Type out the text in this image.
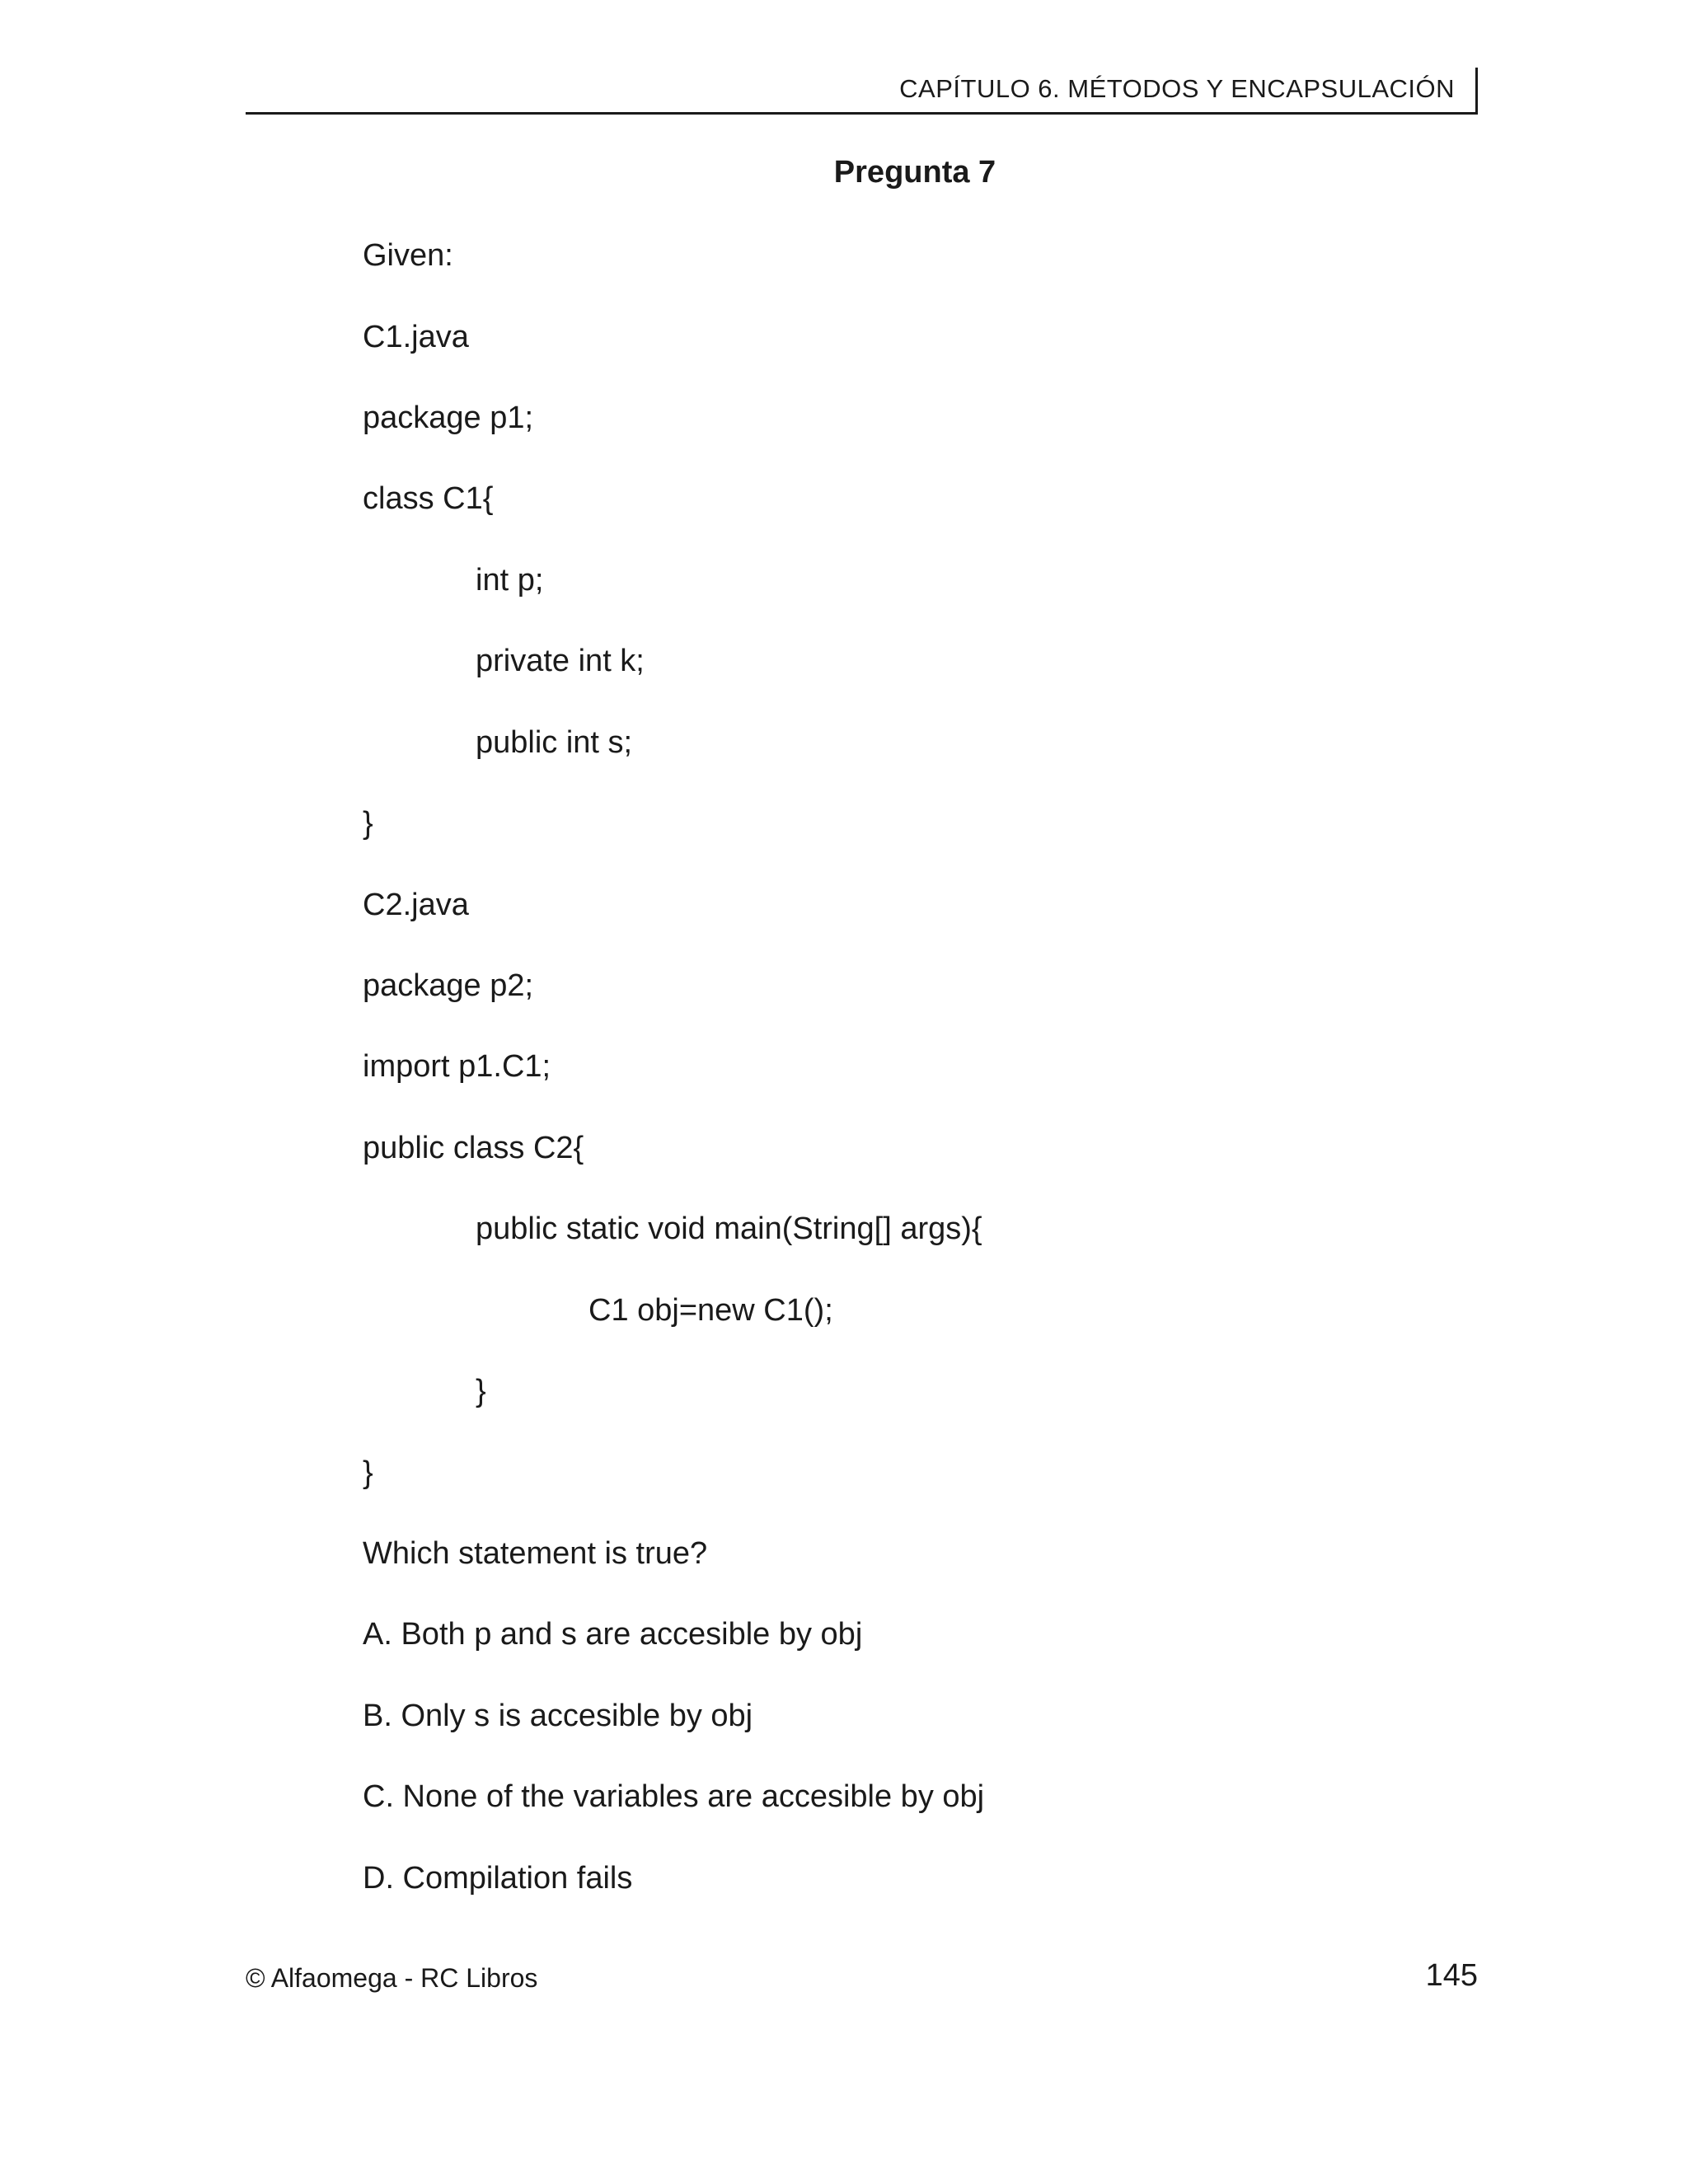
CAPÍTULO 6. MÉTODOS Y ENCAPSULACIÓN
Pregunta 7
Given:
C1.java
package p1;
class C1{
int p;
private int k;
public int s;
}
C2.java
package p2;
import p1.C1;
public class C2{
public static void main(String[] args){
C1 obj=new C1();
}
}
Which statement is true?
A. Both p and s are accesible by obj
B. Only s is accesible by obj
C. None of the variables are accesible by obj
D. Compilation fails
© Alfaomega - RC Libros	145
